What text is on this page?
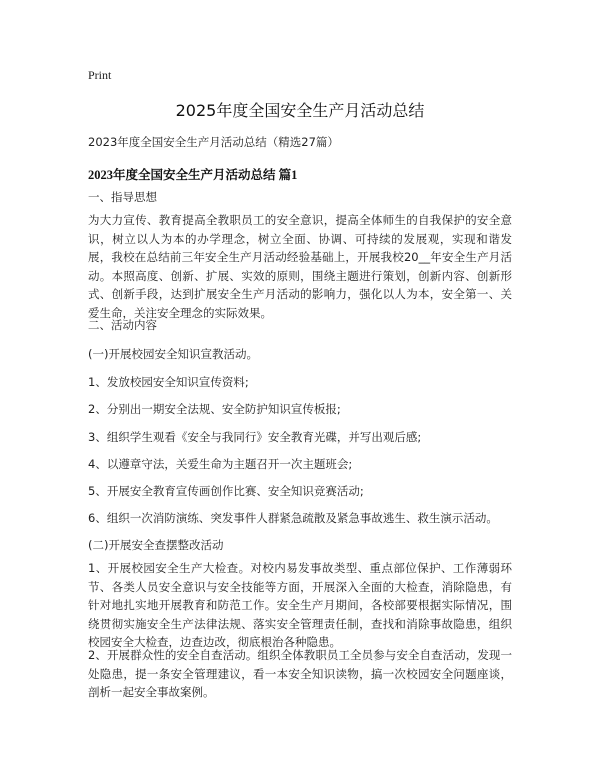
Print
2025年度全国安全生产月活动总结
2023年度全国安全生产月活动总结（精选27篇）
2023年度全国安全生产月活动总结 篇1
一、指导思想

为大力宣传、教育提高全教职员工的安全意识，提高全体师生的自我保护的安全意识，树立以人为本的办学理念，树立全面、协调、可持续的发展观，实现和谐发展，我校在总结前三年安全生产月活动经验基础上，开展我校20__年安全生产月活动。本照高度、创新、扩展、实效的原则，围绕主题进行策划，创新内容、创新形式、创新手段，达到扩展安全生产月活动的影响力，强化以人为本，安全第一、关爱生命，关注安全理念的实际效果。

二、活动内容
(一)开展校园安全知识宣教活动。
1、发放校园安全知识宣传资料;
2、分别出一期安全法规、安全防护知识宣传板报;
3、组织学生观看《安全与我同行》安全教育光碟，并写出观后感;
4、以遵章守法，关爱生命为主题召开一次主题班会;
5、开展安全教育宣传画创作比赛、安全知识竞赛活动;
6、组织一次消防演练、突发事件人群紧急疏散及紧急事故逃生、救生演示活动。
(二)开展安全查摆整改活动

1、开展校园安全生产大检查。对校内易发事故类型、重点部位保护、工作薄弱环节、各类人员安全意识与安全技能等方面，开展深入全面的大检查，消除隐患，有针对地扎实地开展教育和防范工作。安全生产月期间，各校部要根据实际情况，围绕贯彻实施安全生产法律法规、落实安全管理责任制，查找和消除事故隐患，组织校园安全大检查，边查边改，彻底根治各种隐患。

2、开展群众性的安全自查活动。组织全体教职员工全员参与安全自查活动，发现一处隐患，提一条安全管理建议，看一本安全知识读物，搞一次校园安全问题座谈，剖析一起安全事故案例。
